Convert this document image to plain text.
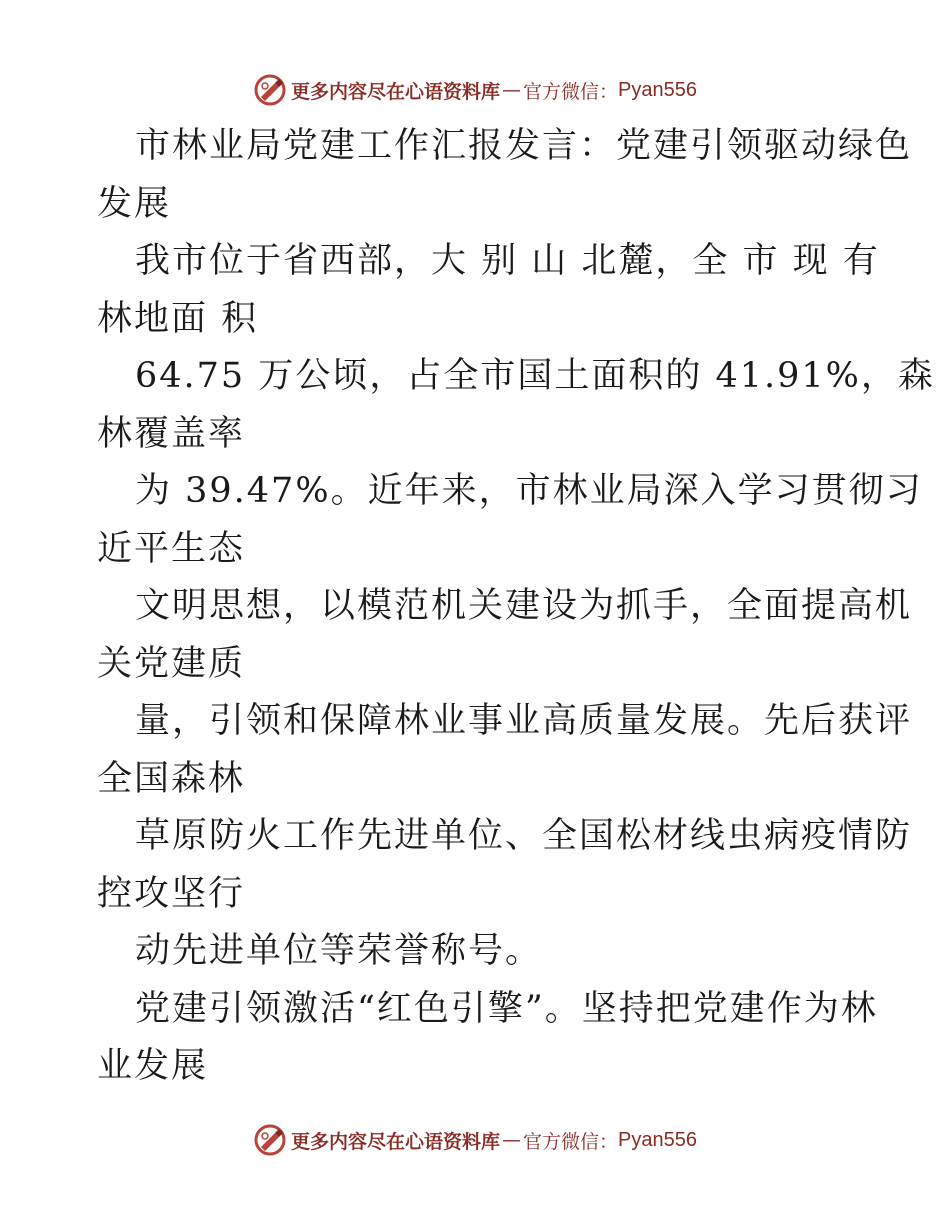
更多内容尽在心语资料库 — 官方微信： Pyan556
市林业局党建工作汇报发言：党建引领驱动绿色
发展
我市位于省西部，大 别 山 北麓，全 市 现 有
林地面 积
64.75 万公顷，占全市国土面积的 41.91%，森
林覆盖率
为 39.47%。近年来，市林业局深入学习贯彻习
近平生态
文明思想，以模范机关建设为抓手，全面提高机
关党建质
量，引领和保障林业事业高质量发展。先后获评
全国森林
草原防火工作先进单位、全国松材线虫病疫情防
控攻坚行
动先进单位等荣誉称号。
党建引领激活“红色引擎”。坚持把党建作为林
业发展
更多内容尽在心语资料库 — 官方微信： Pyan556
